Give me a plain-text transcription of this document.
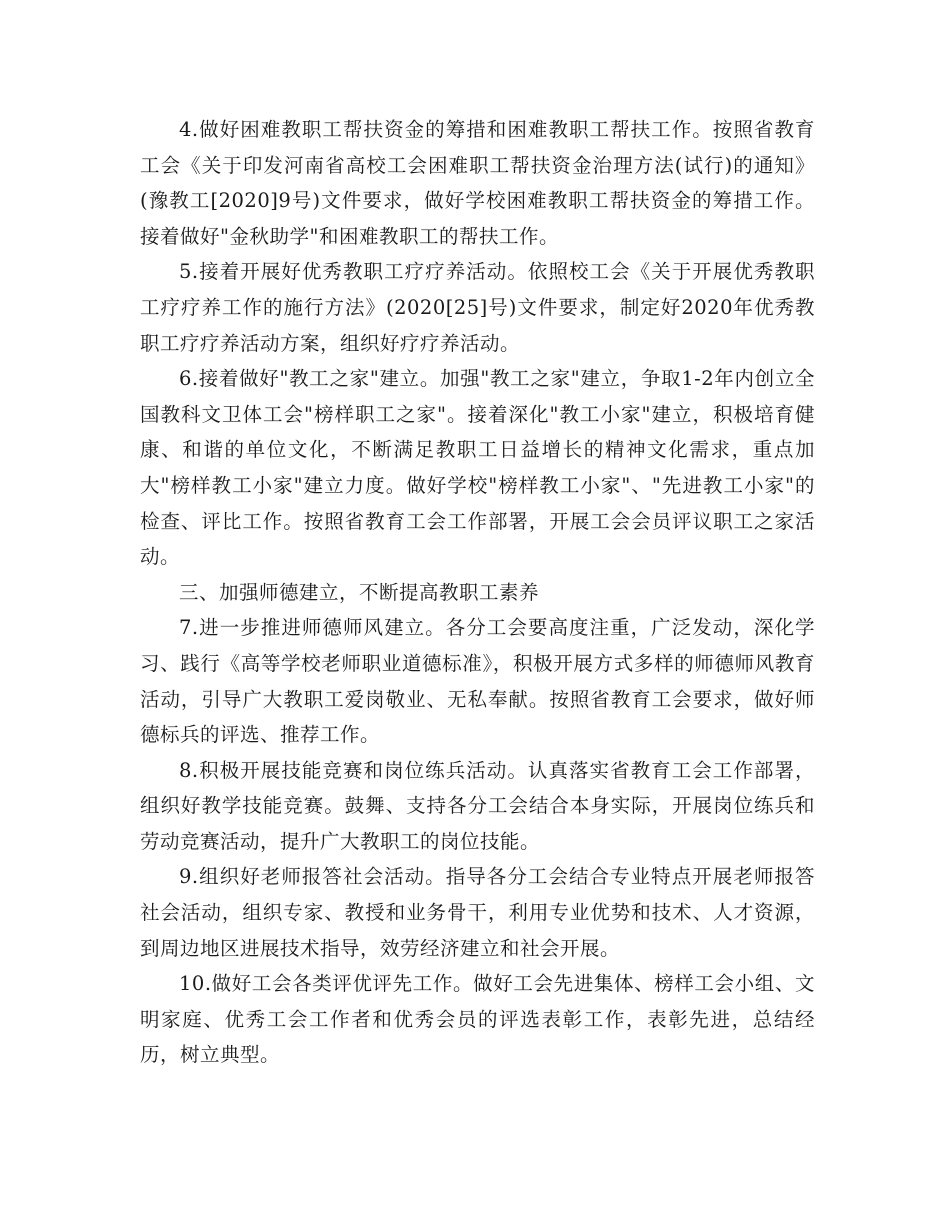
4.做好困难教职工帮扶资金的筹措和困难教职工帮扶工作。按照省教育工会《关于印发河南省高校工会困难职工帮扶资金治理方法(试行)的通知》(豫教工[2020]9号)文件要求，做好学校困难教职工帮扶资金的筹措工作。接着做好"金秋助学"和困难教职工的帮扶工作。

5.接着开展好优秀教职工疗疗养活动。依照校工会《关于开展优秀教职工疗疗养工作的施行方法》(2020[25]号)文件要求，制定好2020年优秀教职工疗疗养活动方案，组织好疗疗养活动。

6.接着做好"教工之家"建立。加强"教工之家"建立，争取1-2年内创立全国教科文卫体工会"榜样职工之家"。接着深化"教工小家"建立，积极培育健康、和谐的单位文化，不断满足教职工日益增长的精神文化需求，重点加大"榜样教工小家"建立力度。做好学校"榜样教工小家"、"先进教工小家"的检查、评比工作。按照省教育工会工作部署，开展工会会员评议职工之家活动。

三、加强师德建立，不断提高教职工素养

7.进一步推进师德师风建立。各分工会要高度注重，广泛发动，深化学习、践行《高等学校老师职业道德标准》，积极开展方式多样的师德师风教育活动，引导广大教职工爱岗敬业、无私奉献。按照省教育工会要求，做好师德标兵的评选、推荐工作。

8.积极开展技能竞赛和岗位练兵活动。认真落实省教育工会工作部署，组织好教学技能竞赛。鼓舞、支持各分工会结合本身实际，开展岗位练兵和劳动竞赛活动，提升广大教职工的岗位技能。

9.组织好老师报答社会活动。指导各分工会结合专业特点开展老师报答社会活动，组织专家、教授和业务骨干，利用专业优势和技术、人才资源，到周边地区进展技术指导，效劳经济建立和社会开展。

10.做好工会各类评优评先工作。做好工会先进集体、榜样工会小组、文明家庭、优秀工会工作者和优秀会员的评选表彰工作，表彰先进，总结经历，树立典型。
